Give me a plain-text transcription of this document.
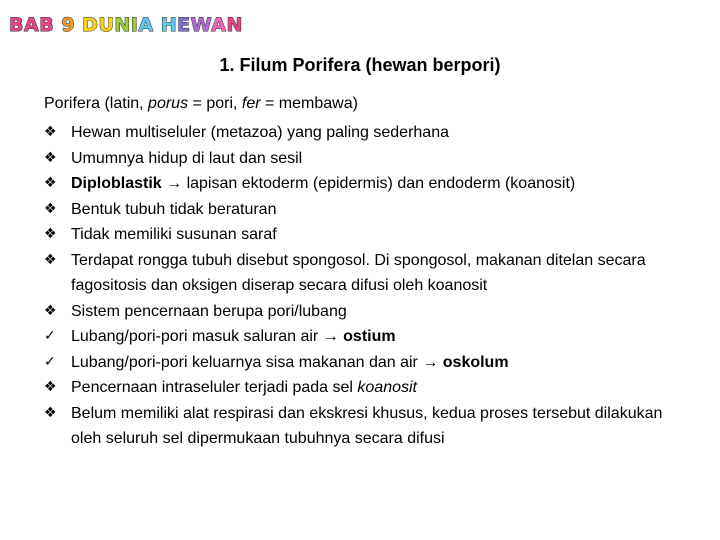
BAB 9 DUNIA HEWAN
1. Filum Porifera (hewan berpori)
Porifera (latin, porus = pori, fer = membawa)
❖ Hewan multiseluler (metazoa) yang paling sederhana
❖ Umumnya hidup di laut dan sesil
❖ Diploblastik → lapisan ektoderm (epidermis) dan endoderm (koanosit)
❖ Bentuk tubuh tidak beraturan
❖ Tidak memiliki susunan saraf
❖ Terdapat rongga tubuh disebut spongosol. Di spongosol, makanan ditelan secara fagositosis dan oksigen diserap secara difusi oleh koanosit
❖ Sistem pencernaan berupa pori/lubang
✓ Lubang/pori-pori masuk saluran air → ostium
✓ Lubang/pori-pori keluarnya sisa makanan dan air → oskolum
❖ Pencernaan intraseluler terjadi pada sel koanosit
❖ Belum memiliki alat respirasi dan ekskresi khusus, kedua proses tersebut dilakukan oleh seluruh sel dipermukaan tubuhnya secara difusi
